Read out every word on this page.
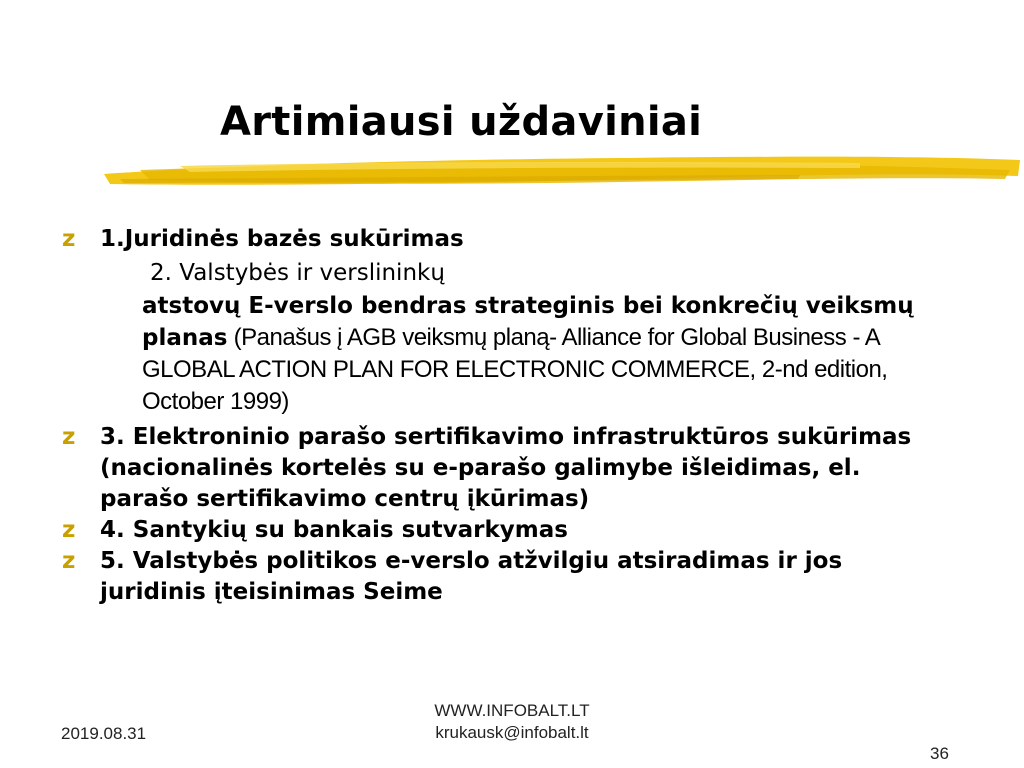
Artimiausi uždaviniai
z	1.Juridinės bazės sukūrimas
2. Valstybės ir verslininkų
atstovų E-verslo bendras strateginis bei konkrečių veiksmų planas (Panašus į AGB veiksmų planą- Alliance for Global Business - A GLOBAL ACTION PLAN FOR ELECTRONIC COMMERCE, 2-nd edition, October 1999)
z	3. Elektroninio parašo sertifikavimo infrastruktūros sukūrimas (nacionalinės kortelės su e-parašo galimybe išleidimas, el. parašo sertifikavimo centrų įkūrimas)
z	4. Santykių su bankais sutvarkymas
z	5. Valstybės politikos e-verslo atžvilgiu atsiradimas ir jos juridinis įteisinimas Seime
2019.08.31
WWW.INFOBALT.LT
krukausk@infobalt.lt
36
